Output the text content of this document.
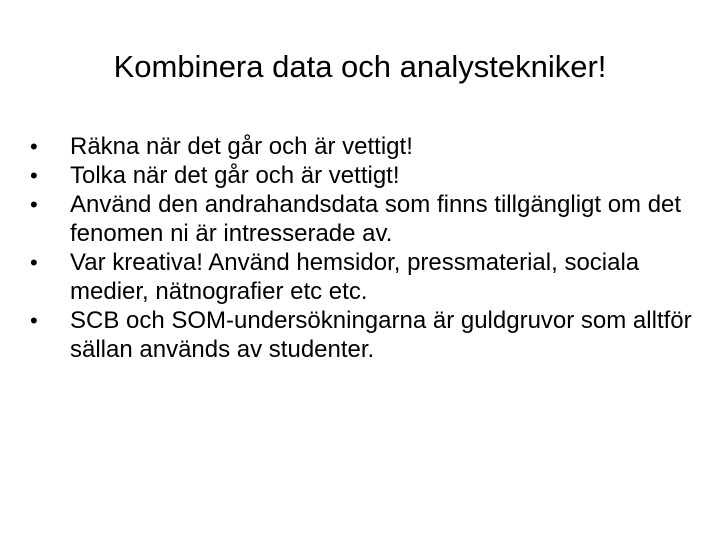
Kombinera data och analystekniker!
•	Räkna när det går och är vettigt!
•	Tolka när det går och är vettigt!
•	Använd den andrahandsdata som finns tillgängligt om det fenomen ni är intresserade av.
•	Var kreativa! Använd hemsidor, pressmaterial, sociala medier, nätnografier etc etc.
•	SCB och SOM-undersökningarna är guldgruvor som alltför sällan används av studenter.
